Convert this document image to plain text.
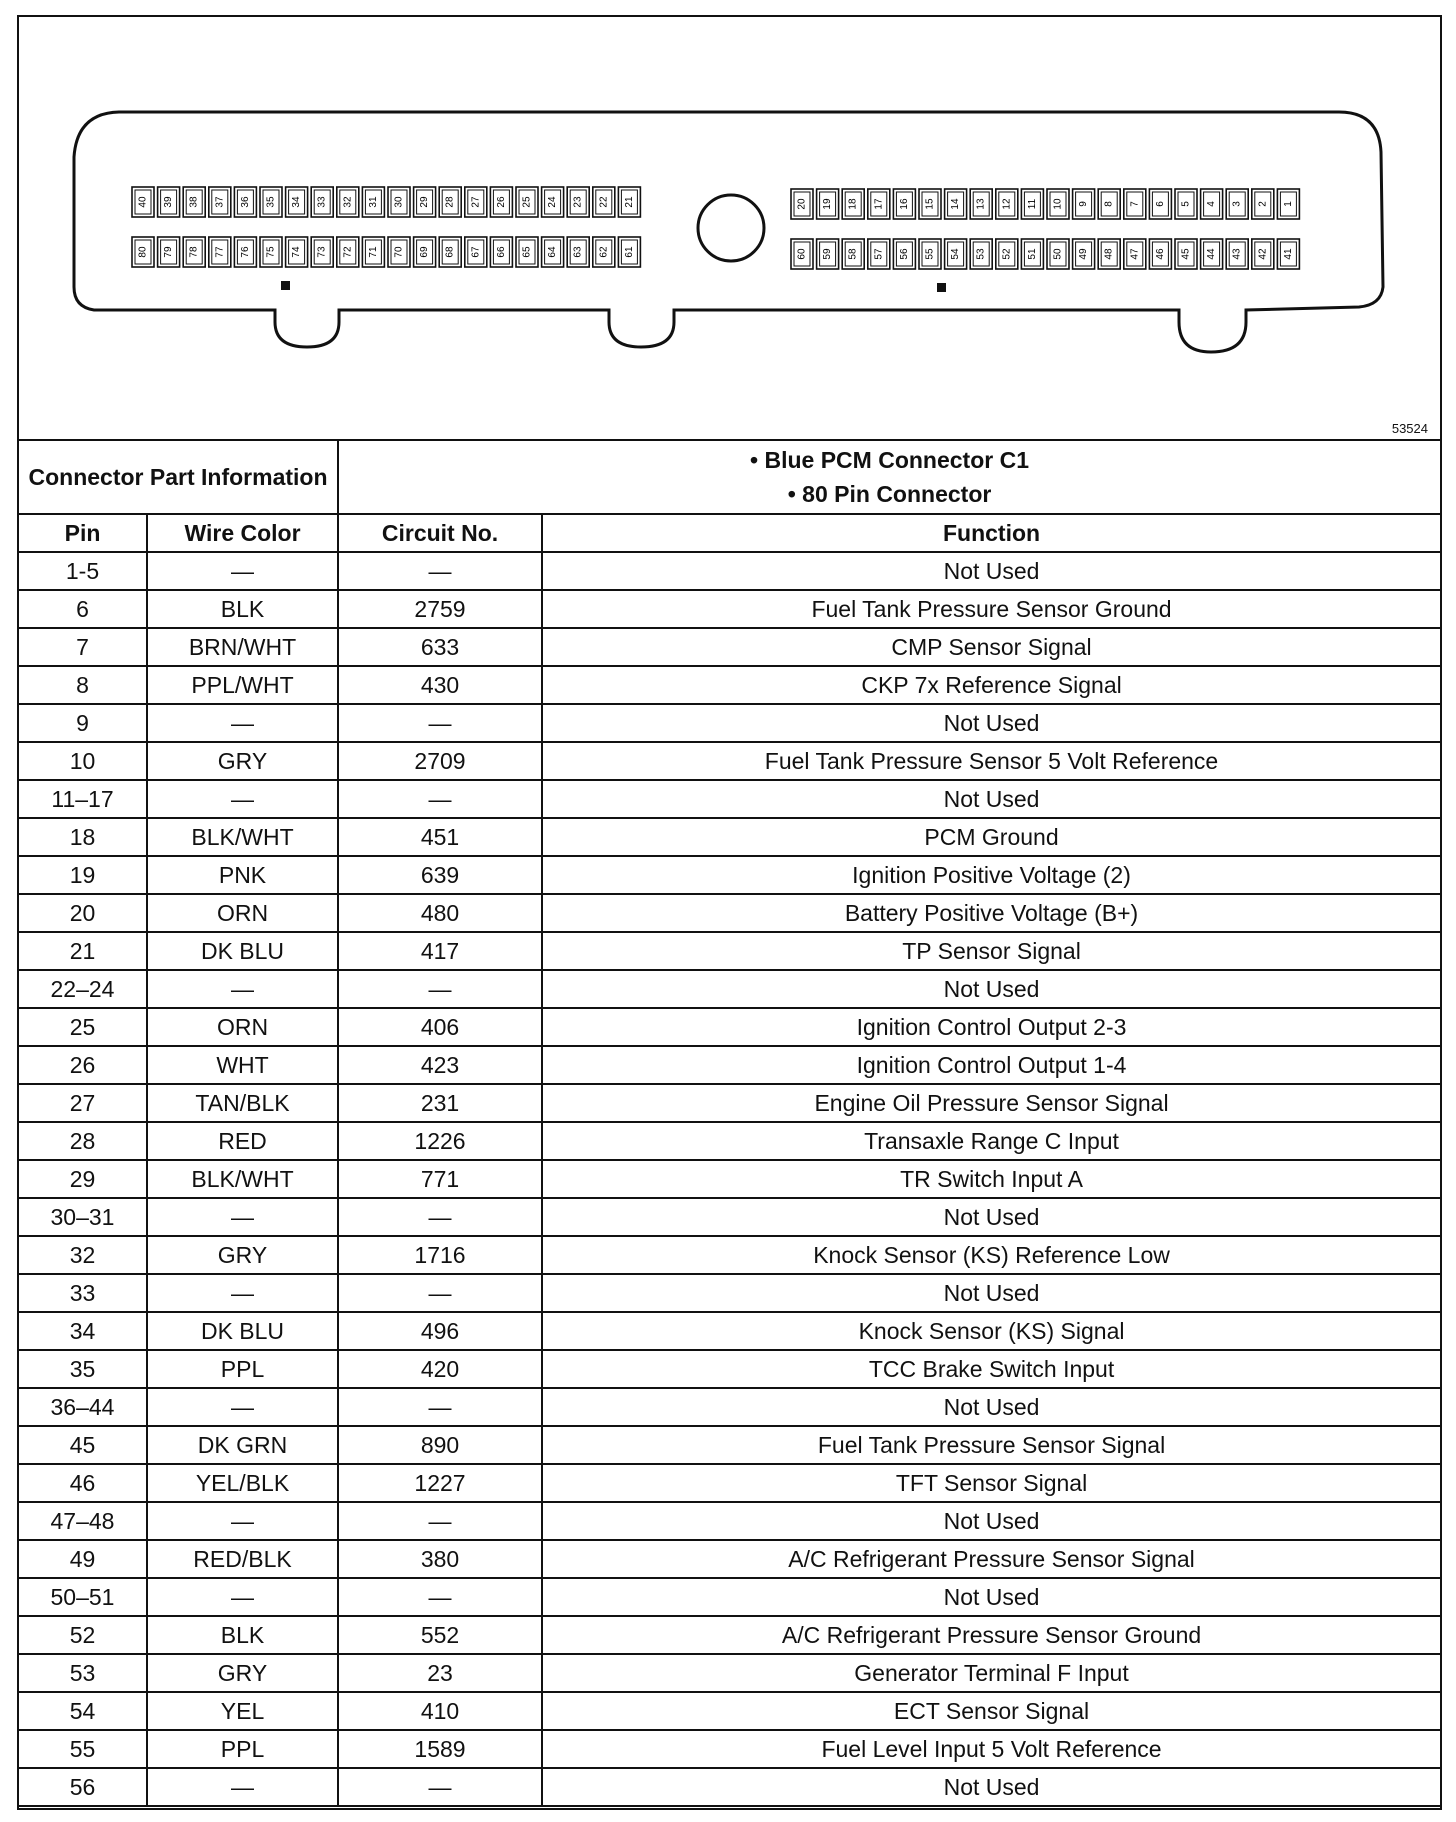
40 39 38 37 36 35 34 33 32 31 30 29 28 27 26 25 24 23 22 21
80 79 78 77 76 75 74 73 72 71 70 69 68 67 66 65 64 63 62 61
20 19 18 17 16 15 14 13 12 11 10 9 8 7 6 5 4 3 2 1
60 59 58 57 56 55 54 53 52 51 50 49 48 47 46 45 44 43 42 41
53524
Connector Part Information		• Blue PCM Connector C1
• 80 Pin Connector

Pin	Wire Color	Circuit No.	Function
1-5	—	—	Not Used
6	BLK	2759	Fuel Tank Pressure Sensor Ground
7	BRN/WHT	633	CMP Sensor Signal
8	PPL/WHT	430	CKP 7x Reference Signal
9	—	—	Not Used
10	GRY	2709	Fuel Tank Pressure Sensor 5 Volt Reference
11–17	—	—	Not Used
18	BLK/WHT	451	PCM Ground
19	PNK	639	Ignition Positive Voltage (2)
20	ORN	480	Battery Positive Voltage (B+)
21	DK BLU	417	TP Sensor Signal
22–24	—	—	Not Used
25	ORN	406	Ignition Control Output 2-3
26	WHT	423	Ignition Control Output 1-4
27	TAN/BLK	231	Engine Oil Pressure Sensor Signal
28	RED	1226	Transaxle Range C Input
29	BLK/WHT	771	TR Switch Input A
30–31	—	—	Not Used
32	GRY	1716	Knock Sensor (KS) Reference Low
33	—	—	Not Used
34	DK BLU	496	Knock Sensor (KS) Signal
35	PPL	420	TCC Brake Switch Input
36–44	—	—	Not Used
45	DK GRN	890	Fuel Tank Pressure Sensor Signal
46	YEL/BLK	1227	TFT Sensor Signal
47–48	—	—	Not Used
49	RED/BLK	380	A/C Refrigerant Pressure Sensor Signal
50–51	—	—	Not Used
52	BLK	552	A/C Refrigerant Pressure Sensor Ground
53	GRY	23	Generator Terminal F Input
54	YEL	410	ECT Sensor Signal
55	PPL	1589	Fuel Level Input 5 Volt Reference
56	—	—	Not Used
